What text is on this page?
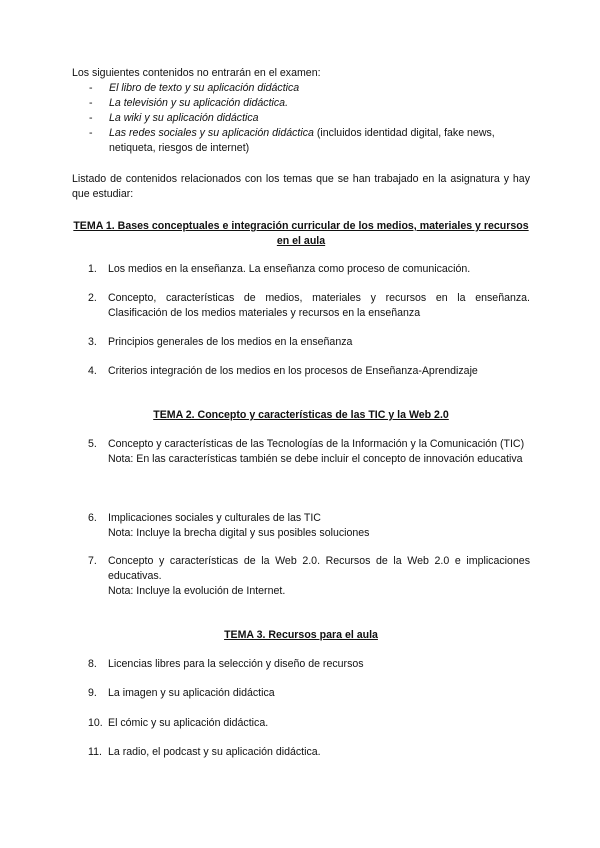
Los siguientes contenidos no entrarán en el examen:
- El libro de texto y su aplicación didáctica
- La televisión y su aplicación didáctica.
- La wiki y su aplicación didáctica
- Las redes sociales y su aplicación didáctica (incluidos identidad digital, fake news, netiqueta, riesgos de internet)
Listado de contenidos relacionados con los temas que se han trabajado en la asignatura y hay que estudiar:
TEMA 1. Bases conceptuales e integración curricular de los medios, materiales y recursos en el aula
1.	Los medios en la enseñanza. La enseñanza como proceso de comunicación.
2.	Concepto, características de medios, materiales y recursos en la enseñanza. Clasificación de los medios materiales y recursos en la enseñanza
3.	Principios generales de los medios en la enseñanza
4.	Criterios integración de los medios en los procesos de Enseñanza-Aprendizaje
TEMA 2. Concepto y características de las TIC y la Web 2.0
5.	Concepto y características de las Tecnologías de la Información y la Comunicación (TIC)
Nota: En las características también se debe incluir el concepto de innovación educativa
6.	Implicaciones sociales y culturales de las TIC
Nota: Incluye la brecha digital y sus posibles soluciones
7.	Concepto y características de la Web 2.0. Recursos de la Web 2.0 e implicaciones educativas.
Nota: Incluye la evolución de Internet.
TEMA 3. Recursos para el aula
8.	Licencias libres para la selección y diseño de recursos
9.	La imagen y su aplicación didáctica
10. El cómic y su aplicación didáctica.
11. La radio, el podcast y su aplicación didáctica.
